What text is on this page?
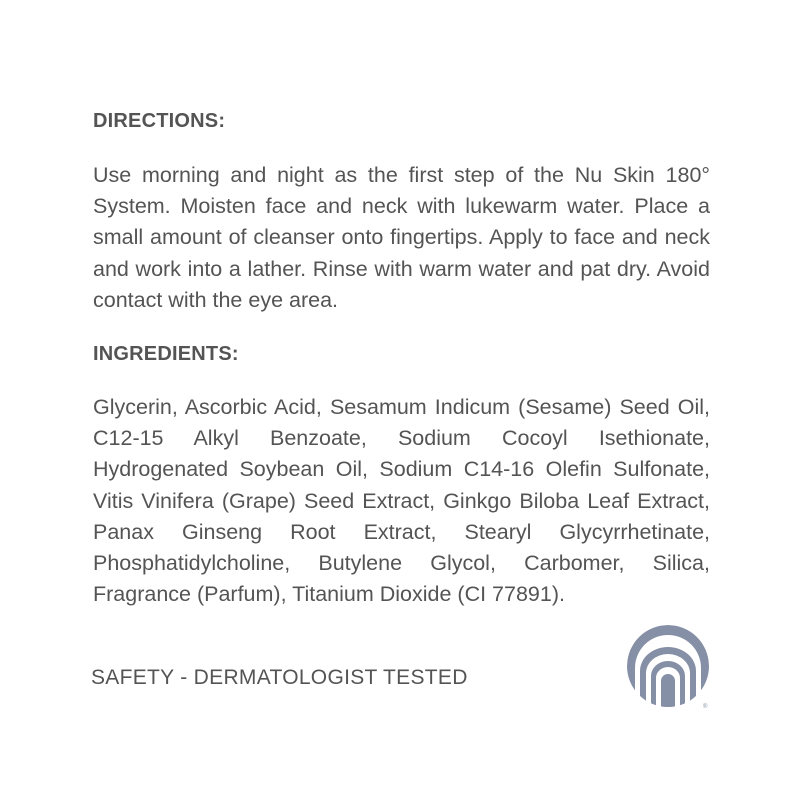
DIRECTIONS:

Use morning and night as the first step of the Nu Skin 180° System. Moisten face and neck with lukewarm water. Place a small amount of cleanser onto fingertips. Apply to face and neck and work into a lather. Rinse with warm water and pat dry. Avoid contact with the eye area.

INGREDIENTS:

Glycerin, Ascorbic Acid, Sesamum Indicum (Sesame) Seed Oil, C12-15 Alkyl Benzoate, Sodium Cocoyl Isethionate, Hydrogenated Soybean Oil, Sodium C14-16 Olefin Sulfonate, Vitis Vinifera (Grape) Seed Extract, Ginkgo Biloba Leaf Extract, Panax Ginseng Root Extract, Stearyl Glycyrrhetinate, Phosphatidylcholine, Butylene Glycol, Carbomer, Silica, Fragrance (Parfum), Titanium Dioxide (CI 77891).

SAFETY - DERMATOLOGIST TESTED
®
